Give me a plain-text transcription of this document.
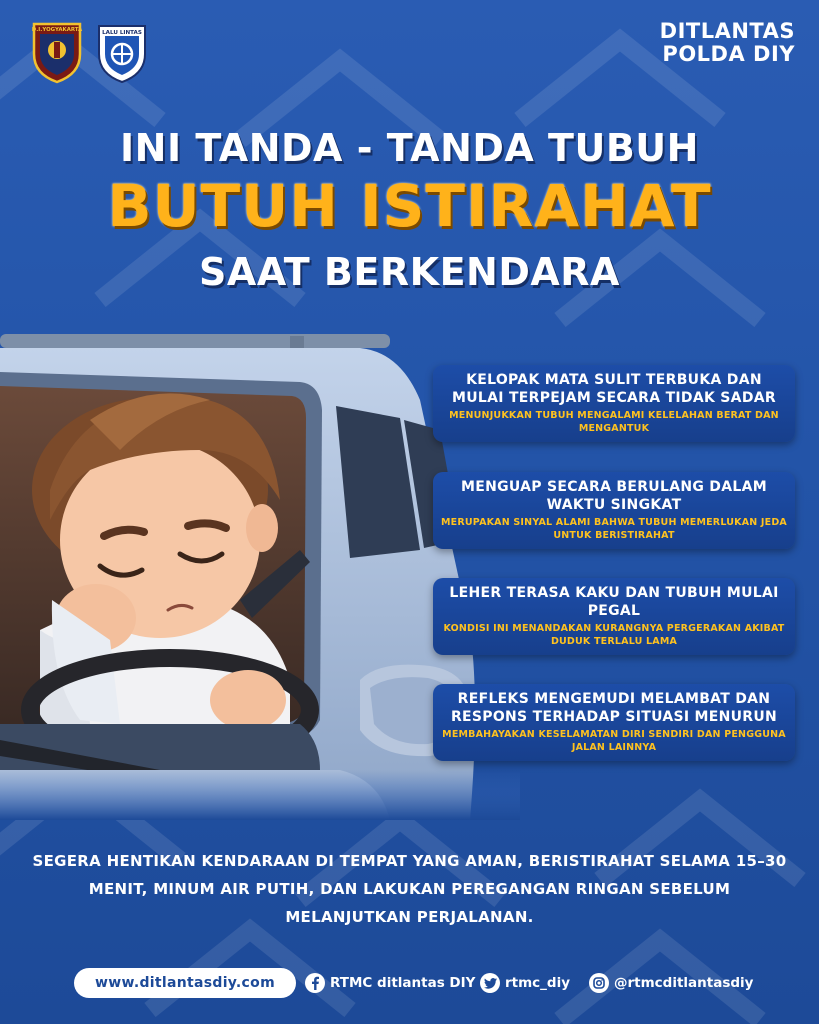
D.I.YOGYAKARTA	LALU LINTAS	DITLANTAS
POLDA DIY
INI TANDA - TANDA TUBUH
BUTUH ISTIRAHAT
SAAT BERKENDARA
KELOPAK MATA SULIT TERBUKA DAN MULAI TERPEJAM SECARA TIDAK SADAR
MENUNJUKKAN TUBUH MENGALAMI KELELAHAN BERAT DAN MENGANTUK
MENGUAP SECARA BERULANG DALAM WAKTU SINGKAT
MERUPAKAN SINYAL ALAMI BAHWA TUBUH MEMERLUKAN JEDA UNTUK BERISTIRAHAT
LEHER TERASA KAKU DAN TUBUH MULAI PEGAL
KONDISI INI MENANDAKAN KURANGNYA PERGERAKAN AKIBAT DUDUK TERLALU LAMA
REFLEKS MENGEMUDI MELAMBAT DAN RESPONS TERHADAP SITUASI MENURUN
MEMBAHAYAKAN KESELAMATAN DIRI SENDIRI DAN PENGGUNA JALAN LAINNYA
SEGERA HENTIKAN KENDARAAN DI TEMPAT YANG AMAN, BERISTIRAHAT SELAMA 15–30 MENIT, MINUM AIR PUTIH, DAN LAKUKAN PEREGANGAN RINGAN SEBELUM MELANJUTKAN PERJALANAN.
www.ditlantasdiy.com	RTMC ditlantas DIY rtmc_diy	@rtmcditlantasdiy
